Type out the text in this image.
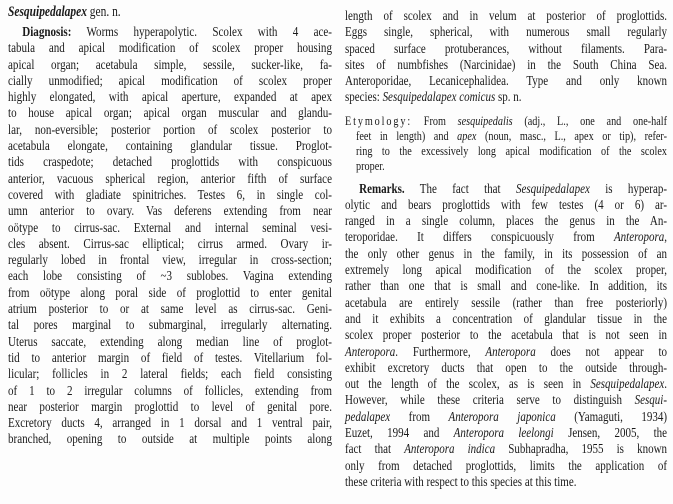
Sesquipedalapex gen. n.
Diagnosis: Worms hyperapolytic. Scolex with 4 ace-
tabula and apical modification of scolex proper housing
apical organ; acetabula simple, sessile, sucker-like, fa-
cially unmodified; apical modification of scolex proper
highly elongated, with apical aperture, expanded at apex
to house apical organ; apical organ muscular and glandu-
lar, non-eversible; posterior portion of scolex posterior to
acetabula elongate, containing glandular tissue. Proglot-
tids craspedote; detached proglottids with conspicuous
anterior, vacuous spherical region, anterior fifth of surface
covered with gladiate spinitriches. Testes 6, in single col-
umn anterior to ovary. Vas deferens extending from near
oötype to cirrus-sac. External and internal seminal vesi-
cles absent. Cirrus-sac elliptical; cirrus armed. Ovary ir-
regularly lobed in frontal view, irregular in cross-section;
each lobe consisting of ~3 sublobes. Vagina extending
from oötype along poral side of proglottid to enter genital
atrium posterior to or at same level as cirrus-sac. Geni-
tal pores marginal to submarginal, irregularly alternating.
Uterus saccate, extending along median line of proglot-
tid to anterior margin of field of testes. Vitellarium fol-
licular; follicles in 2 lateral fields; each field consisting
of 1 to 2 irregular columns of follicles, extending from
near posterior margin proglottid to level of genital pore.
Excretory ducts 4, arranged in 1 dorsal and 1 ventral pair,
branched, opening to outside at multiple points along
length of scolex and in velum at posterior of proglottids.
Eggs single, spherical, with numerous small regularly
spaced surface protuberances, without filaments. Para-
sites of numbfishes (Narcinidae) in the South China Sea.
Anteroporidae, Lecanicephalidea. Type and only known
species: Sesquipedalapex comicus sp. n.
Etymology: From sesquipedalis (adj., L., one and one-half
feet in length) and apex (noun, masc., L., apex or tip), refer-
ring to the excessively long apical modification of the scolex
proper.
Remarks. The fact that Sesquipedalapex is hyperap-
olytic and bears proglottids with few testes (4 or 6) ar-
ranged in a single column, places the genus in the An-
teroporidae. It differs conspicuously from Anteropora,
the only other genus in the family, in its possession of an
extremely long apical modification of the scolex proper,
rather than one that is small and cone-like. In addition, its
acetabula are entirely sessile (rather than free posteriorly)
and it exhibits a concentration of glandular tissue in the
scolex proper posterior to the acetabula that is not seen in
Anteropora. Furthermore, Anteropora does not appear to
exhibit excretory ducts that open to the outside through-
out the length of the scolex, as is seen in Sesquipedalapex.
However, while these criteria serve to distinguish Sesqui-
pedalapex from Anteropora japonica (Yamaguti, 1934)
Euzet, 1994 and Anteropora leelongi Jensen, 2005, the
fact that Anteropora indica Subhapradha, 1955 is known
only from detached proglottids, limits the application of
these criteria with respect to this species at this time.
